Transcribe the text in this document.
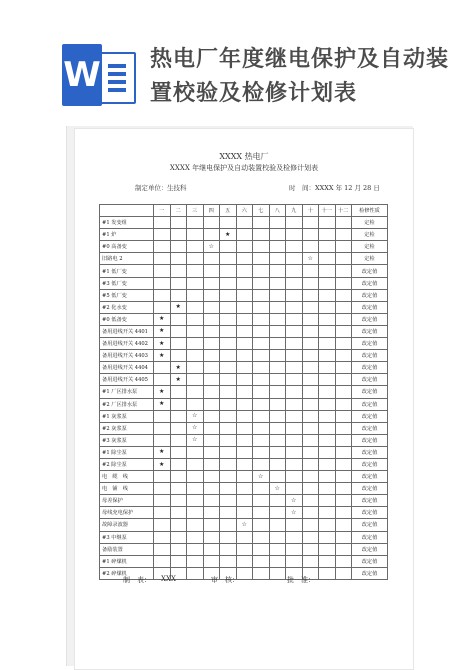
W 热电厂年度继电保护及自动装
置校验及检修计划表
XXXX 热电厂
XXXX 年继电保护及自动装置校验及检修计划表
制定单位： 生技科	时　间： XXXX 年 12 月 28 日
	一	二	三	四	五	六	七	八	九	十	十一	十二	检修性质
#1 发变组													定检
#1 炉					★								定检
#0 高备变				☆									定检
旧路电 2										☆			定检
#1 低厂变													改定值
#3 低厂变													改定值
#5 低厂变													改定值
#2 化水变		★											改定值
#0 低备变	★												改定值
备用进线开关 4401	★												改定值
备用进线开关 4402	★												改定值
备用进线开关 4403	★												改定值
备用进线开关 4404		★											改定值
备用进线开关 4405		★											改定值
#1 厂区排水泵	★												改定值
#2 厂区排水泵	★												改定值
#1 灰浆泵			☆										改定值
#2 灰浆泵			☆										改定值
#3 灰浆泵			☆										改定值
#1 除尘泵	★												改定值
#2 除尘泵	★												改定值
电　缆　线							☆						改定值
电　铺　线								☆					改定值
母差保护									☆				改定值
母线充电保护									☆				改定值
故障录波器						☆							改定值
#3 中继泵													改定值
备励装置													改定值
#1 碎煤机													改定值
#2 碎煤机													改定值
制　表： XXX	审　核：	批　准：
